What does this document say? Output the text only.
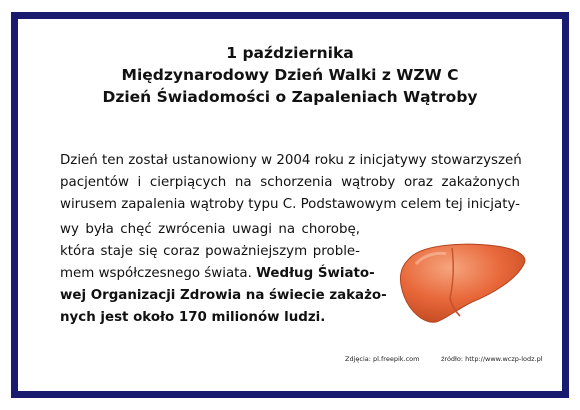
1 października
Międzynarodowy Dzień Walki z WZW C
Dzień Świadomości o Zapaleniach Wątroby
Dzień ten został ustanowiony w 2004 roku z inicjatywy stowarzyszeń
pacjentów i cierpiących na schorzenia wątroby oraz zakażonych
wirusem zapalenia wątroby typu C. Podstawowym celem tej inicjaty-
wy była chęć zwrócenia uwagi na chorobę,
która staje się coraz poważniejszym proble-
mem współczesnego świata. Według Świato-
wej Organizacji Zdrowia na świecie zakażo-
nych jest około 170 milionów ludzi.
Zdjęcia: pl.freepik.com	źródło: http://www.wczp-lodz.pl
